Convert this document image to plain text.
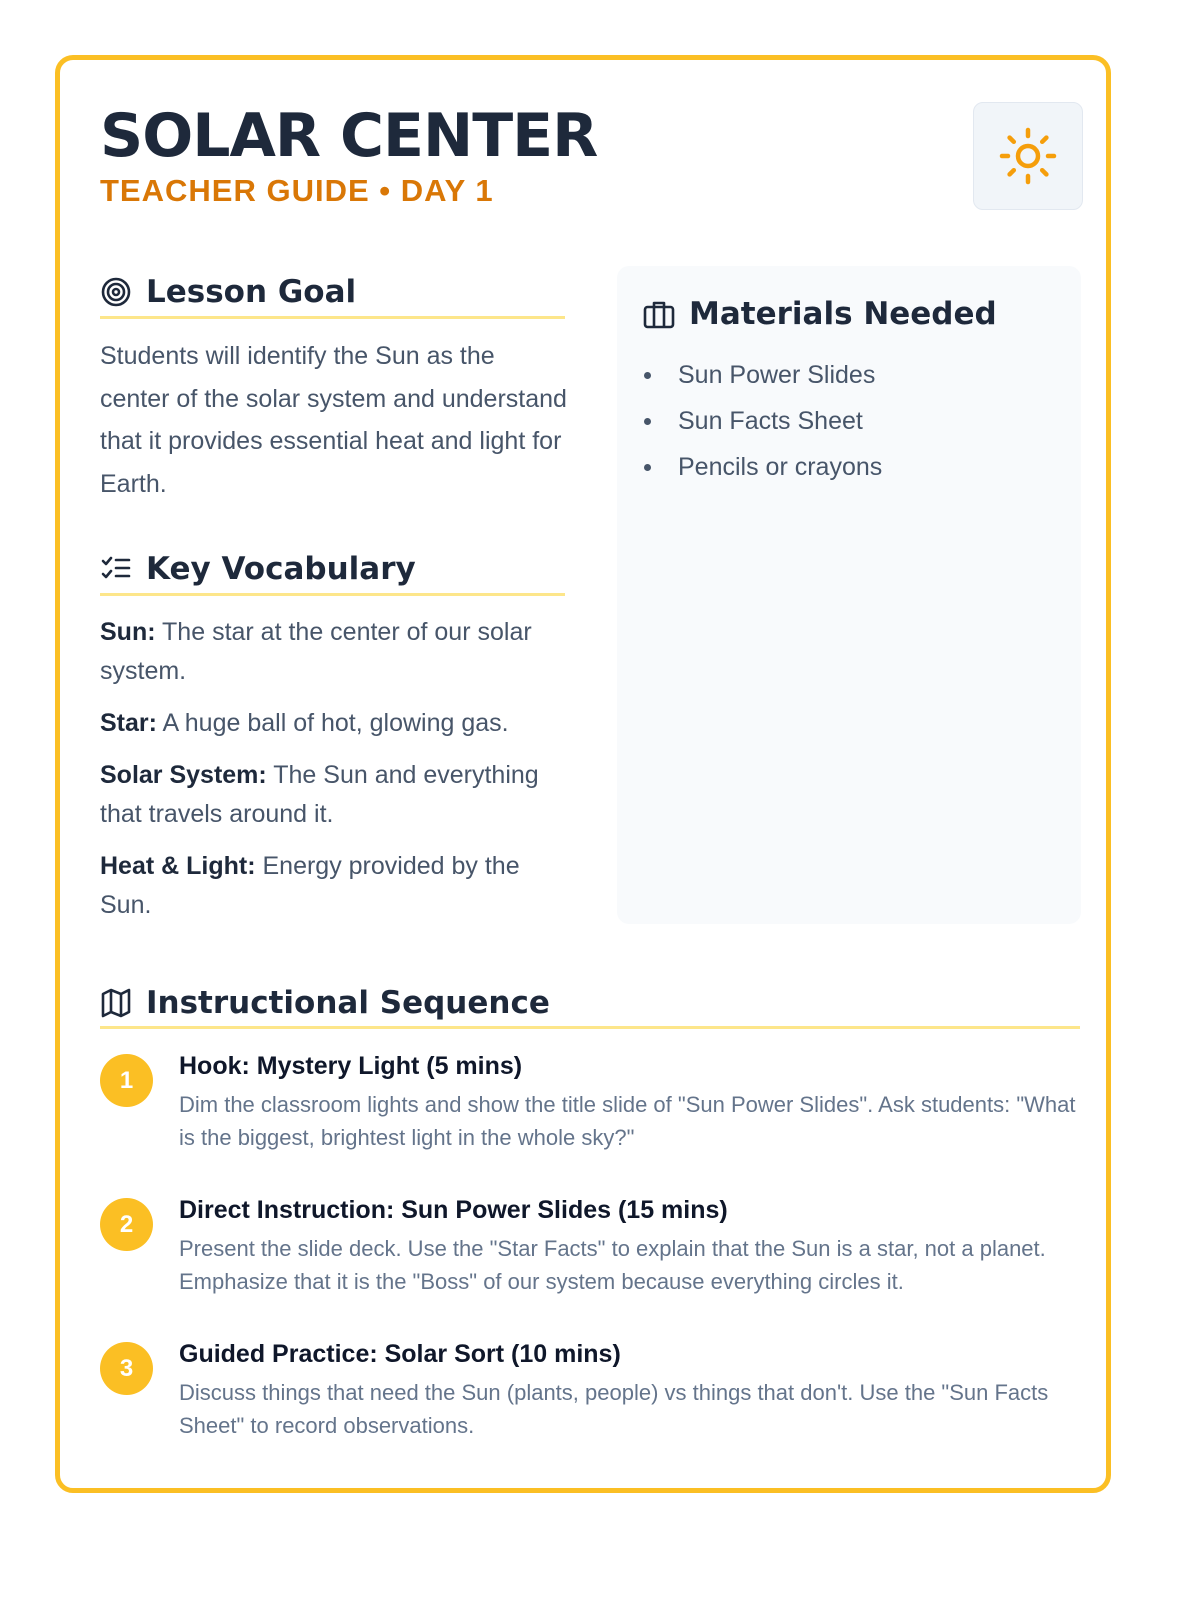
SOLAR CENTER
TEACHER GUIDE • DAY 1
Lesson Goal

Students will identify the Sun as the center of the solar system and understand that it provides essential heat and light for Earth.

Key Vocabulary

Sun: The star at the center of our solar system.

Star: A huge ball of hot, glowing gas.

Solar System: The Sun and everything that travels around it.

Heat & Light: Energy provided by the Sun.

Materials Needed
Sun Power Slides
Sun Facts Sheet
Pencils or crayons
Instructional Sequence
1	Hook: Mystery Light (5 mins)

Dim the classroom lights and show the title slide of "Sun Power Slides". Ask students: "What is the biggest, brightest light in the whole sky?"

2	Direct Instruction: Sun Power Slides (15 mins)

Present the slide deck. Use the "Star Facts" to explain that the Sun is a star, not a planet. Emphasize that it is the "Boss" of our system because everything circles it.

3	Guided Practice: Solar Sort (10 mins)

Discuss things that need the Sun (plants, people) vs things that don't. Use the "Sun Facts Sheet" to record observations.
